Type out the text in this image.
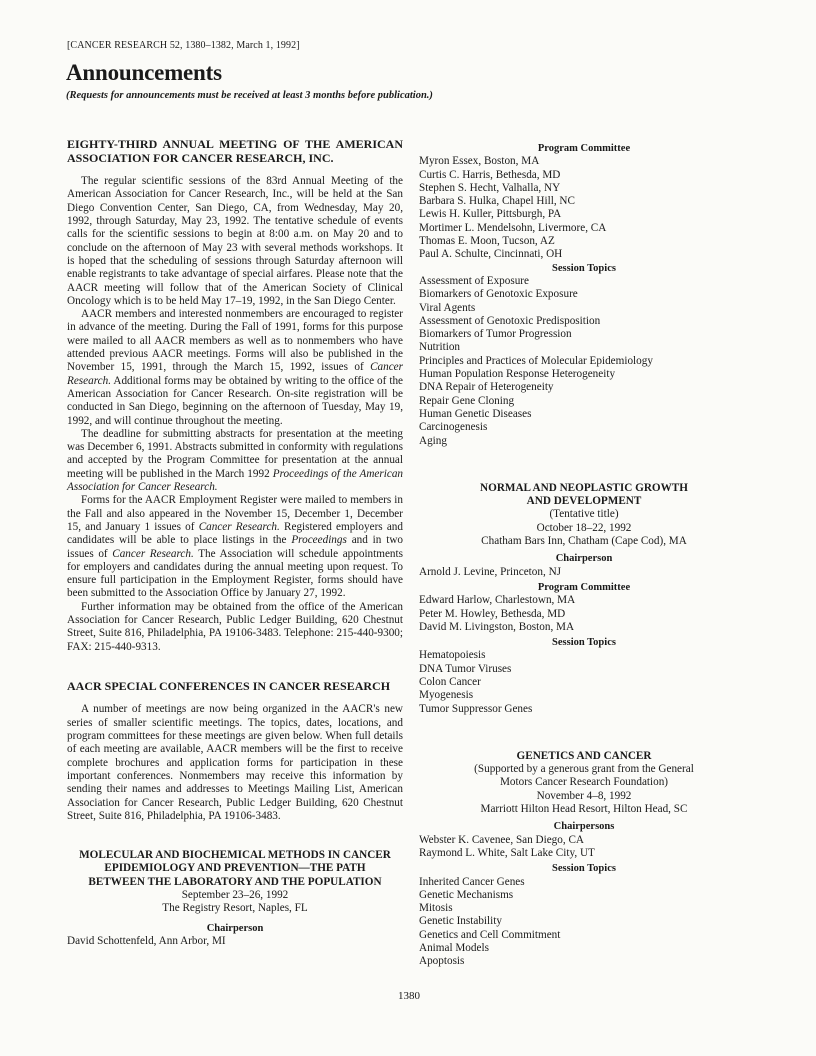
[CANCER RESEARCH 52, 1380–1382, March 1, 1992]
Announcements
(Requests for announcements must be received at least 3 months before publication.)

EIGHTY-THIRD ANNUAL MEETING OF THE AMERICAN ASSOCIATION FOR CANCER RESEARCH, INC.

The regular scientific sessions of the 83rd Annual Meeting of the American Association for Cancer Research, Inc., will be held at the San Diego Convention Center, San Diego, CA, from Wednesday, May 20, 1992, through Saturday, May 23, 1992. The tentative schedule of events calls for the scientific sessions to begin at 8:00 a.m. on May 20 and to conclude on the afternoon of May 23 with several methods workshops. It is hoped that the scheduling of sessions through Saturday afternoon will enable registrants to take advantage of special airfares. Please note that the AACR meeting will follow that of the American Society of Clinical Oncology which is to be held May 17–19, 1992, in the San Diego Center.

AACR members and interested nonmembers are encouraged to register in advance of the meeting. During the Fall of 1991, forms for this purpose were mailed to all AACR members as well as to nonmembers who have attended previous AACR meetings. Forms will also be published in the November 15, 1991, through the March 15, 1992, issues of Cancer Research. Additional forms may be obtained by writing to the office of the American Association for Cancer Research. On-site registration will be conducted in San Diego, beginning on the afternoon of Tuesday, May 19, 1992, and will continue throughout the meeting.

The deadline for submitting abstracts for presentation at the meeting was December 6, 1991. Abstracts submitted in conformity with regulations and accepted by the Program Committee for presentation at the annual meeting will be published in the March 1992 Proceedings of the American Association for Cancer Research.

Forms for the AACR Employment Register were mailed to members in the Fall and also appeared in the November 15, December 1, December 15, and January 1 issues of Cancer Research. Registered employers and candidates will be able to place listings in the Proceedings and in two issues of Cancer Research. The Association will schedule appointments for employers and candidates during the annual meeting upon request. To ensure full participation in the Employment Register, forms should have been submitted to the Association Office by January 27, 1992.

Further information may be obtained from the office of the American Association for Cancer Research, Public Ledger Building, 620 Chestnut Street, Suite 816, Philadelphia, PA 19106-3483. Telephone: 215-440-9300; FAX: 215-440-9313.

AACR SPECIAL CONFERENCES IN CANCER RESEARCH

A number of meetings are now being organized in the AACR's new series of smaller scientific meetings. The topics, dates, locations, and program committees for these meetings are given below. When full details of each meeting are available, AACR members will be the first to receive complete brochures and application forms for participation in these important conferences. Nonmembers may receive this information by sending their names and addresses to Meetings Mailing List, American Association for Cancer Research, Public Ledger Building, 620 Chestnut Street, Suite 816, Philadelphia, PA 19106-3483.

MOLECULAR AND BIOCHEMICAL METHODS IN CANCER
EPIDEMIOLOGY AND PREVENTION—THE PATH
BETWEEN THE LABORATORY AND THE POPULATION
September 23–26, 1992
The Registry Resort, Naples, FL
Chairperson
David Schottenfeld, Ann Arbor, MI
Program Committee
Myron Essex, Boston, MA
Curtis C. Harris, Bethesda, MD
Stephen S. Hecht, Valhalla, NY
Barbara S. Hulka, Chapel Hill, NC
Lewis H. Kuller, Pittsburgh, PA
Mortimer L. Mendelsohn, Livermore, CA
Thomas E. Moon, Tucson, AZ
Paul A. Schulte, Cincinnati, OH
Session Topics
Assessment of Exposure
Biomarkers of Genotoxic Exposure
Viral Agents
Assessment of Genotoxic Predisposition
Biomarkers of Tumor Progression
Nutrition
Principles and Practices of Molecular Epidemiology
Human Population Response Heterogeneity
DNA Repair of Heterogeneity
Repair Gene Cloning
Human Genetic Diseases
Carcinogenesis
Aging
NORMAL AND NEOPLASTIC GROWTH
AND DEVELOPMENT
(Tentative title)
October 18–22, 1992
Chatham Bars Inn, Chatham (Cape Cod), MA
Chairperson
Arnold J. Levine, Princeton, NJ
Program Committee
Edward Harlow, Charlestown, MA
Peter M. Howley, Bethesda, MD
David M. Livingston, Boston, MA
Session Topics
Hematopoiesis
DNA Tumor Viruses
Colon Cancer
Myogenesis
Tumor Suppressor Genes
GENETICS AND CANCER
(Supported by a generous grant from the General
Motors Cancer Research Foundation)
November 4–8, 1992
Marriott Hilton Head Resort, Hilton Head, SC
Chairpersons
Webster K. Cavenee, San Diego, CA
Raymond L. White, Salt Lake City, UT
Session Topics
Inherited Cancer Genes
Genetic Mechanisms
Mitosis
Genetic Instability
Genetics and Cell Commitment
Animal Models
Apoptosis
1380
